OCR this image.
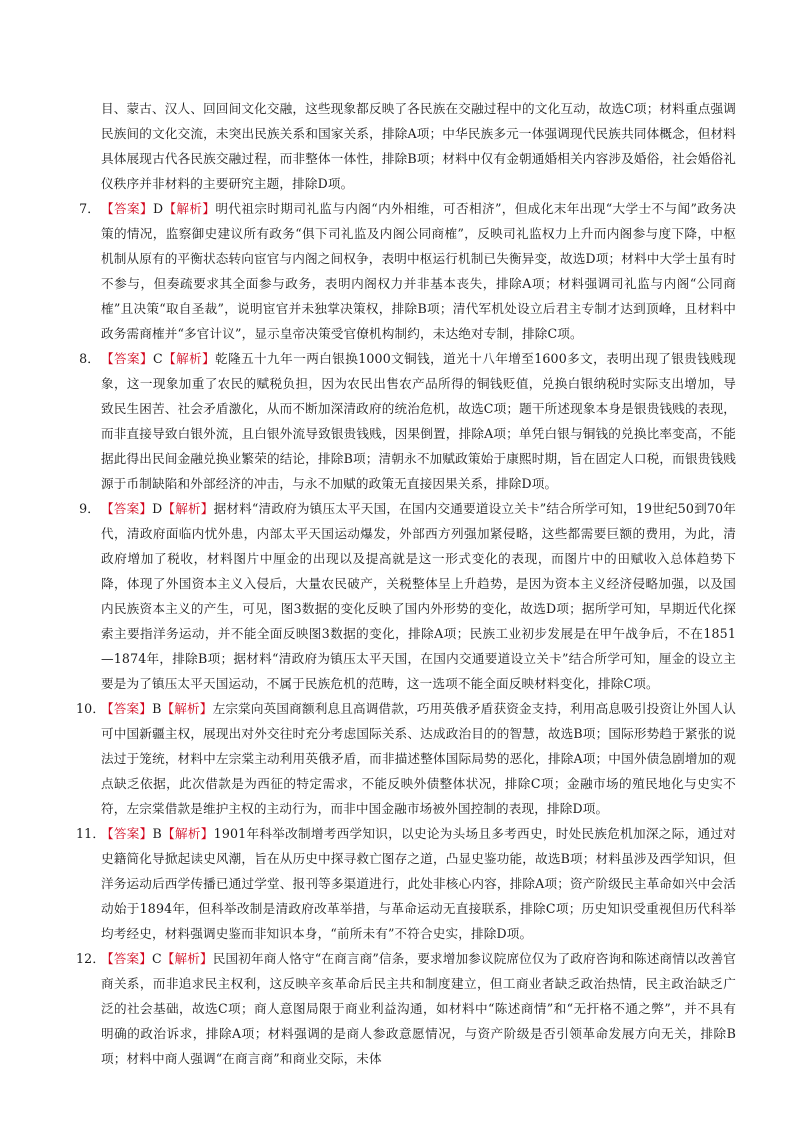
目、蒙古、汉人、回回间文化交融，这些现象都反映了各民族在交融过程中的文化互动，故选C项；材料重点强调民族间的文化交流，未突出民族关系和国家关系，排除A项；中华民族多元一体强调现代民族共同体概念，但材料具体展现古代各民族交融过程，而非整体一体性，排除B项；材料中仅有金朝通婚相关内容涉及婚俗，社会婚俗礼仪秩序并非材料的主要研究主题，排除D项。
7． 【答案】D【解析】明代祖宗时期司礼监与内阁“内外相维，可否相济”，但成化末年出现“大学士不与闻”政务决策的情况，监察御史建议所有政务“俱下司礼监及内阁公同商榷”，反映司礼监权力上升而内阁参与度下降，中枢机制从原有的平衡状态转向宦官与内阁之间权争，表明中枢运行机制已失衡异变，故选D项；材料中大学士虽有时不参与，但奏疏要求其全面参与政务，表明内阁权力并非基本丧失，排除A项；材料强调司礼监与内阁“公同商榷”且决策“取自圣裁”，说明宦官并未独掌决策权，排除B项；清代军机处设立后君主专制才达到顶峰，且材料中政务需商榷并“多官计议”，显示皇帝决策受官僚机构制约，未达绝对专制，排除C项。
8． 【答案】C【解析】乾隆五十九年一两白银换1000文铜钱，道光十八年增至1600多文，表明出现了银贵钱贱现象，这一现象加重了农民的赋税负担，因为农民出售农产品所得的铜钱贬值，兑换白银纳税时实际支出增加，导致民生困苦、社会矛盾激化，从而不断加深清政府的统治危机，故选C项；题干所述现象本身是银贵钱贱的表现，而非直接导致白银外流，且白银外流导致银贵钱贱，因果倒置，排除A项；单凭白银与铜钱的兑换比率变高，不能据此得出民间金融兑换业繁荣的结论，排除B项；清朝永不加赋政策始于康熙时期，旨在固定人口税，而银贵钱贱源于币制缺陷和外部经济的冲击，与永不加赋的政策无直接因果关系，排除D项。
9． 【答案】D【解析】据材料“清政府为镇压太平天国，在国内交通要道设立关卡”结合所学可知，19世纪50到70年代，清政府面临内忧外患，内部太平天国运动爆发，外部西方列强加紧侵略，这些都需要巨额的费用，为此，清政府增加了税收，材料图片中厘金的出现以及提高就是这一形式变化的表现，而图片中的田赋收入总体趋势下降，体现了外国资本主义入侵后，大量农民破产，关税整体呈上升趋势，是因为资本主义经济侵略加强，以及国内民族资本主义的产生，可见，图3数据的变化反映了国内外形势的变化，故选D项；据所学可知，早期近代化探索主要指洋务运动，并不能全面反映图3数据的变化，排除A项；民族工业初步发展是在甲午战争后，不在1851—1874年，排除B项；据材料“清政府为镇压太平天国，在国内交通要道设立关卡”结合所学可知，厘金的设立主要是为了镇压太平天国运动，不属于民族危机的范畴，这一选项不能全面反映材料变化，排除C项。
10．
【答案】B【解析】左宗棠向英国商额利息且高调借款，巧用英俄矛盾获资金支持，利用高息吸引投资让外国人认可中国新疆主权，展现出对外交往时充分考虑国际关系、达成政治目的的智慧，故选B项；国际形势趋于紧张的说法过于笼统，材料中左宗棠主动利用英俄矛盾，而非描述整体国际局势的恶化，排除A项；中国外债急剧增加的观点缺乏依据，此次借款是为西征的特定需求，不能反映外债整体状况，排除C项；金融市场的殖民地化与史实不符，左宗棠借款是维护主权的主动行为，而非中国金融市场被外国控制的表现，排除D项。
11．
【答案】B【解析】1901年科举改制增考西学知识，以史论为头场且多考西史，时处民族危机加深之际，通过对史籍简化导掀起读史风潮，旨在从历史中探寻救亡图存之道，凸显史鉴功能，故选B项；材料虽涉及西学知识，但洋务运动后西学传播已通过学堂、报刊等多渠道进行，此处非核心内容，排除A项；资产阶级民主革命如兴中会活动始于1894年，但科举改制是清政府改革举措，与革命运动无直接联系，排除C项；历史知识受重视但历代科举均考经史，材料强调史鉴而非知识本身，“前所未有”不符合史实，排除D项。
12．
【答案】C【解析】民国初年商人恪守“在商言商”信条，要求增加参议院席位仅为了政府咨询和陈述商情以改善官商关系，而非追求民主权利，这反映辛亥革命后民主共和制度建立，但工商业者缺乏政治热情，民主政治缺乏广泛的社会基础，故选C项；商人意图局限于商业利益沟通，如材料中“陈述商情”和“无扞格不通之弊”，并不具有明确的政治诉求，排除A项；材料强调的是商人参政意愿情况，与资产阶级是否引领革命发展方向无关，排除B项；材料中商人强调“在商言商”和商业交际，未体
